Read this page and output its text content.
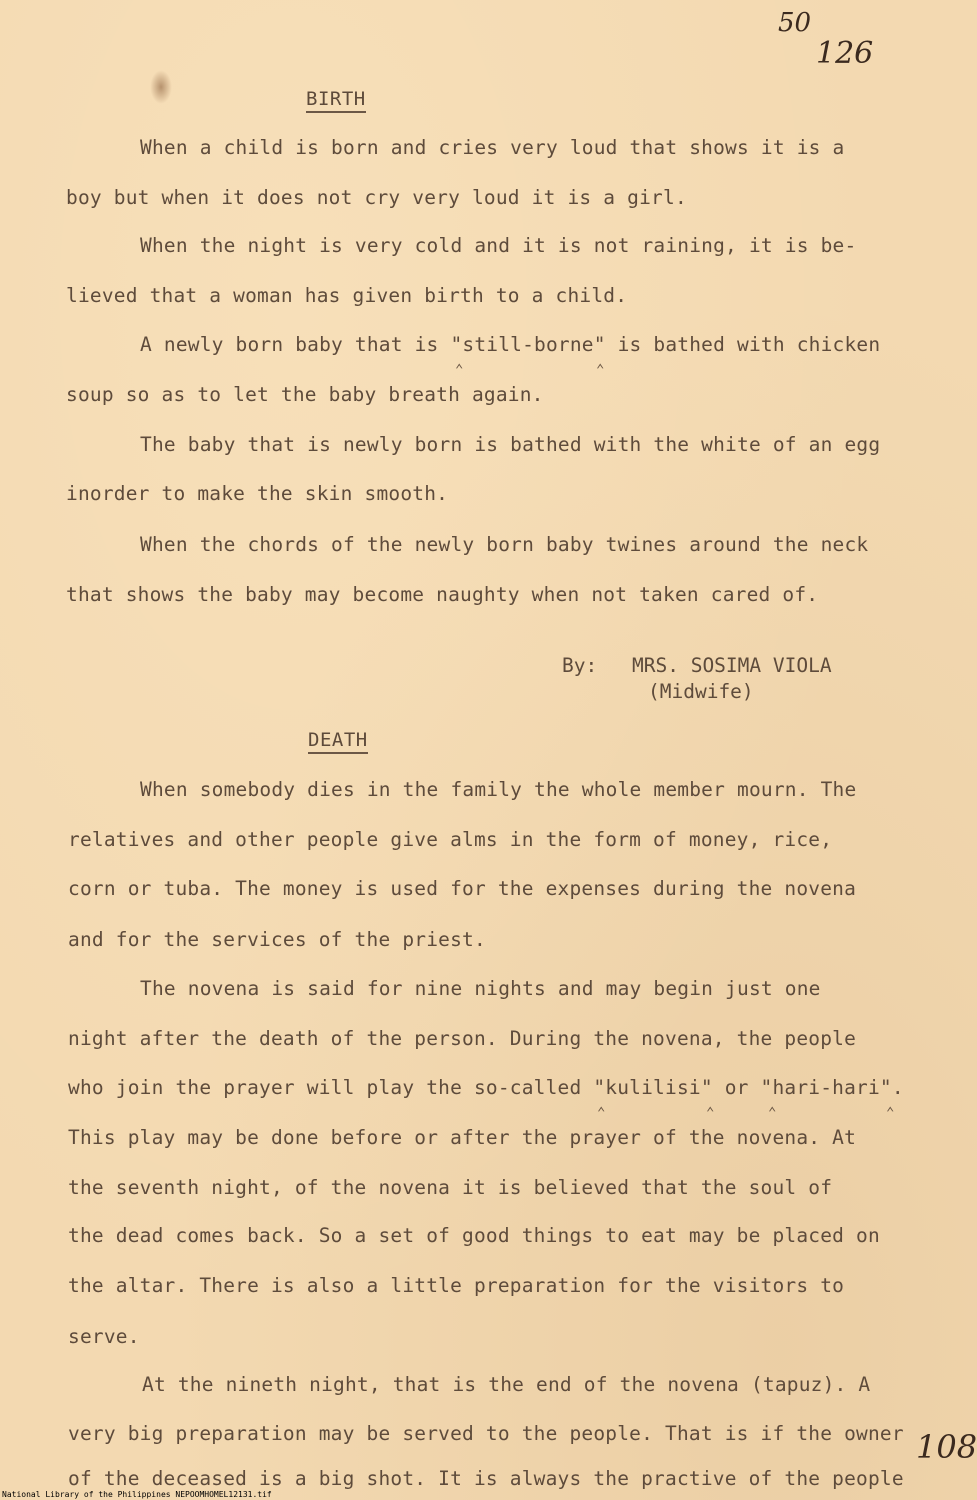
50
126
BIRTH
When a child is born and cries very loud that shows it is a
boy but when it does not cry very loud it is a girl.
When the night is very cold and it is not raining, it is be-
lieved that a woman has given birth to a child.
A newly born baby that is "still-borne" is bathed with chicken
⌃	⌃
soup so as to let the baby breath again.
The baby that is newly born is bathed with the white of an egg
inorder to make the skin smooth.
When the chords of the newly born baby twines around the neck
that shows the baby may become naughty when not taken cared of.
By: MRS. SOSIMA VIOLA
(Midwife)
DEATH
When somebody dies in the family the whole member mourn. The
relatives and other people give alms in the form of money, rice,
corn or tuba. The money is used for the expenses during the novena
and for the services of the priest.
The novena is said for nine nights and may begin just one
night after the death of the person. During the novena, the people
who join the prayer will play the so-called "kulilisi" or "hari-hari".
⌃	⌃	⌃	⌃
This play may be done before or after the prayer of the novena. At
the seventh night, of the novena it is believed that the soul of
the dead comes back. So a set of good things to eat may be placed on
the altar. There is also a little preparation for the visitors to
serve.
At the nineth night, that is the end of the novena (tapuz). A
very big preparation may be served to the people. That is if the owner
of the deceased is a big shot. It is always the practive of the people
108
National Library of the Philippines NEPOOMHOMEL12131.tif
